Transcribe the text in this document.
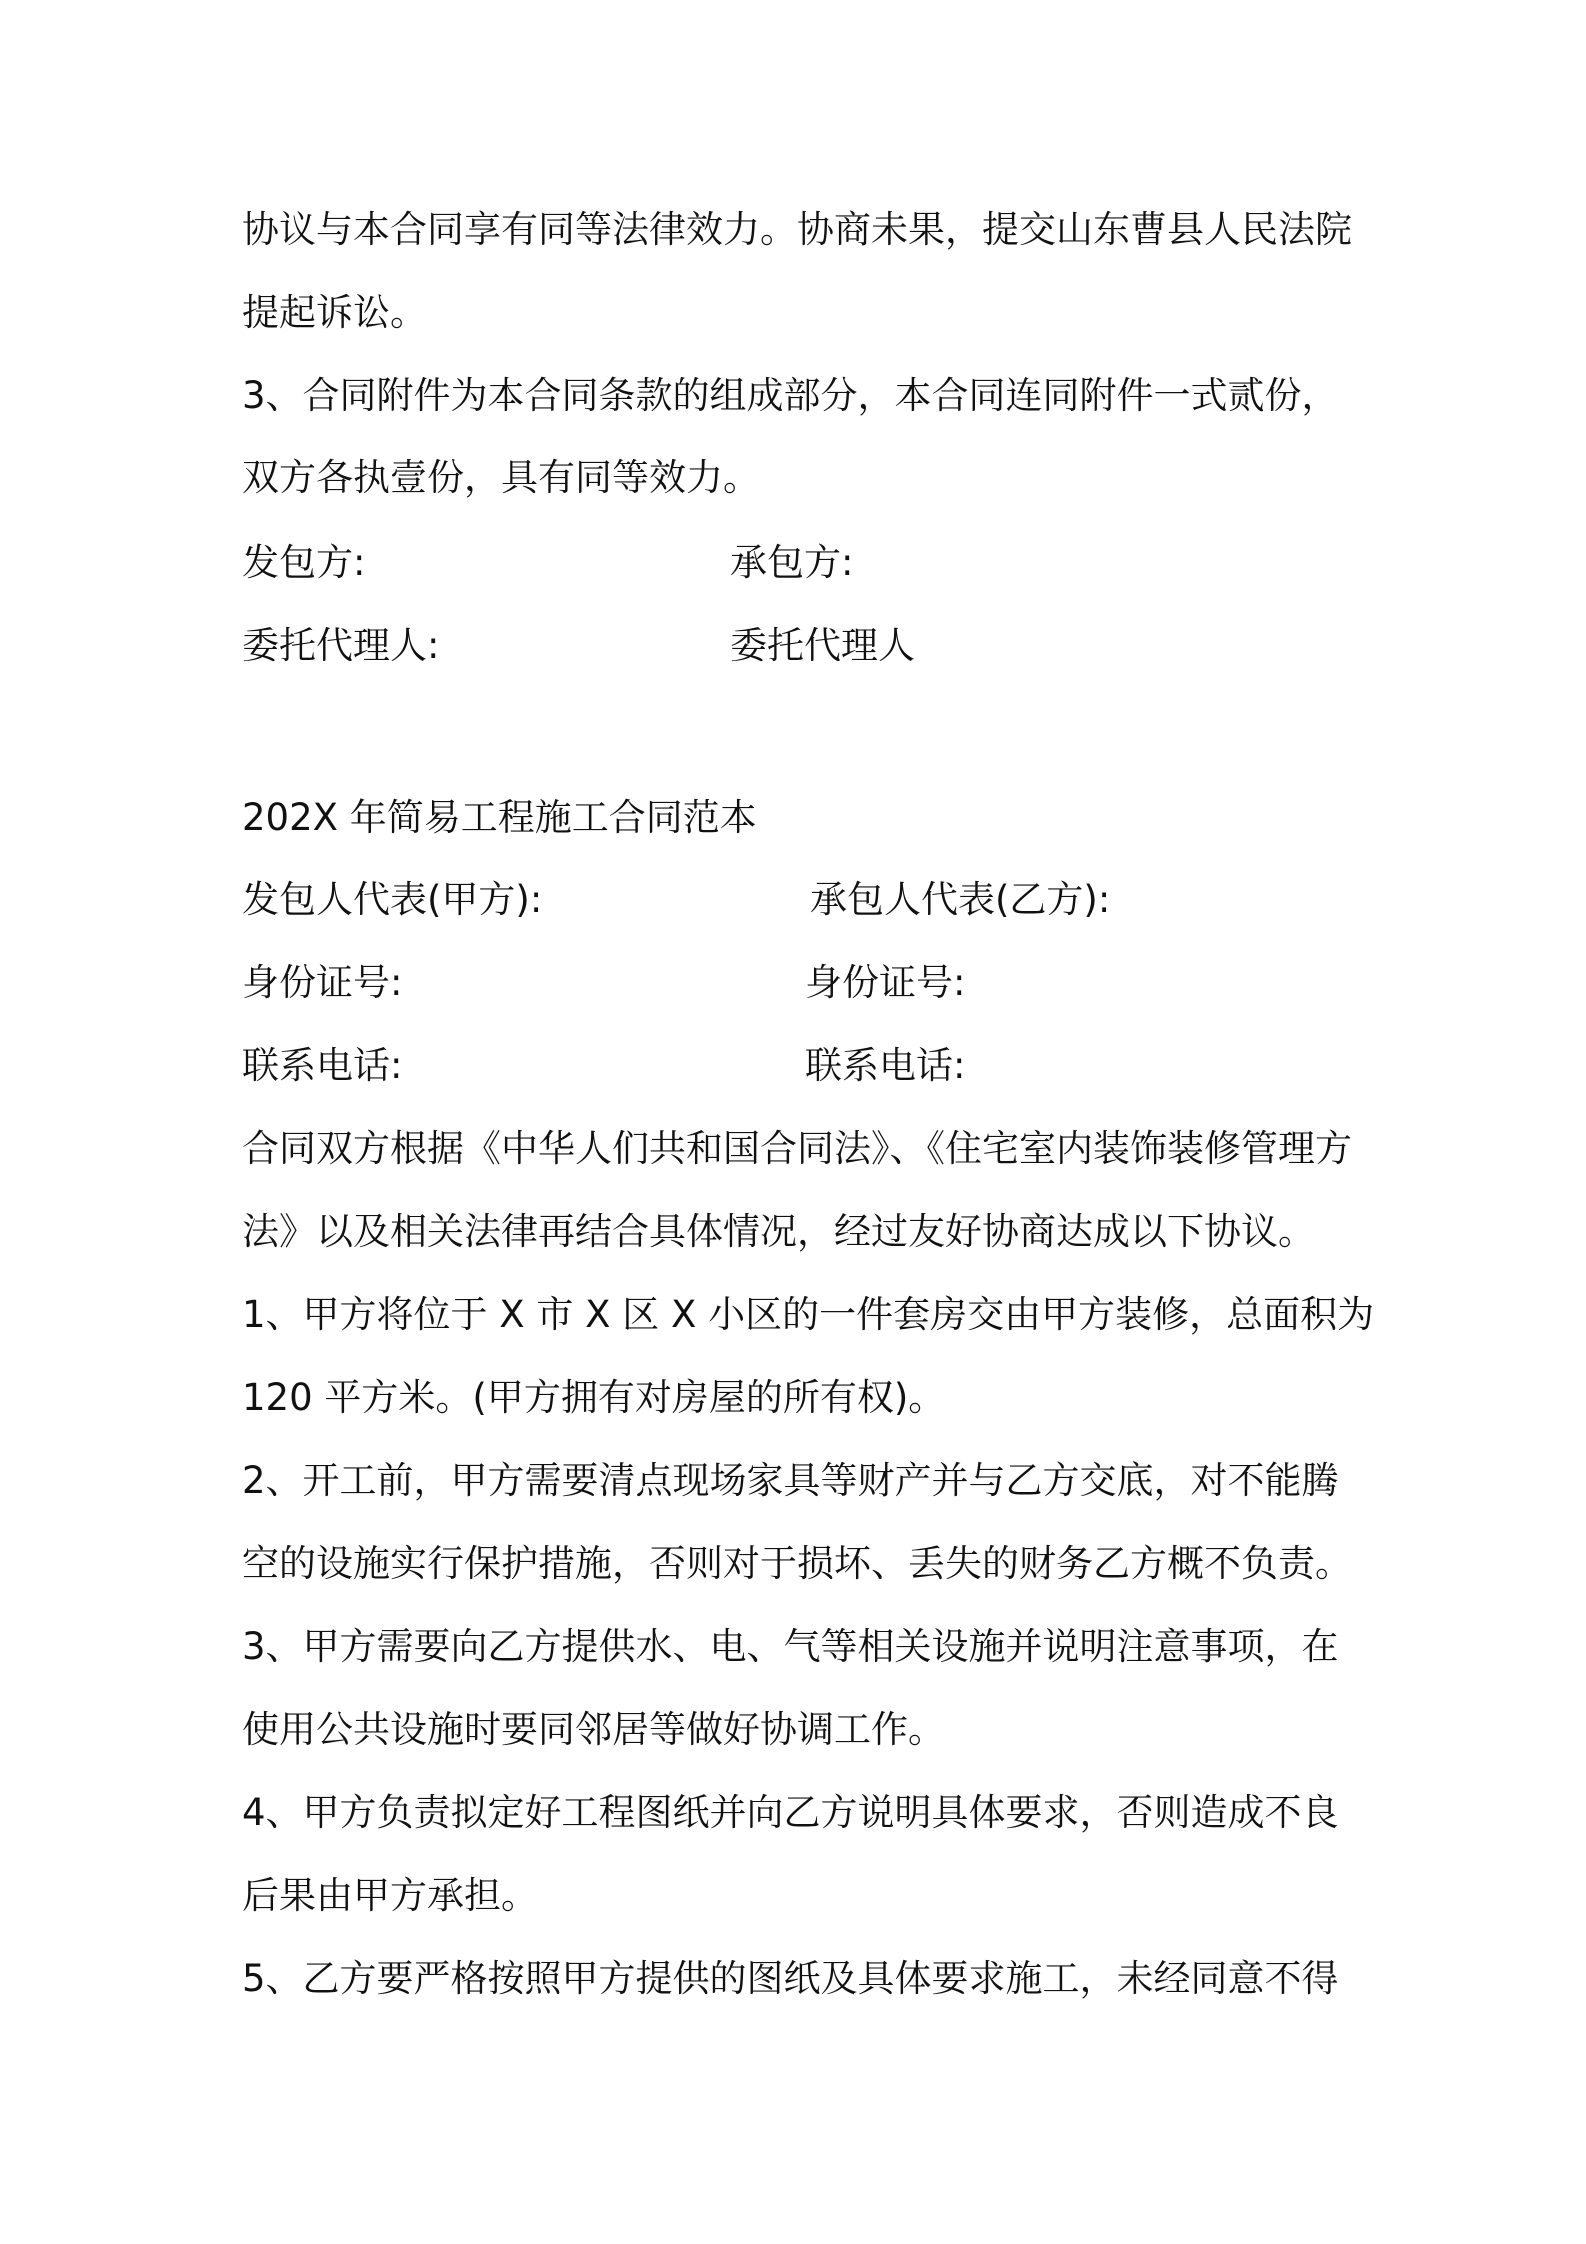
协议与本合同享有同等法律效力。协商未果，提交山东曹县人民法院
提起诉讼。
3、合同附件为本合同条款的组成部分，本合同连同附件一式贰份，
双方各执壹份，具有同等效力。
发包方:	承包方:
委托代理人:	委托代理人
202X 年简易工程施工合同范本
发包人代表(甲方):	承包人代表(乙方):
身份证号:	身份证号:
联系电话:	联系电话:
合同双方根据《中华人们共和国合同法》、《住宅室内装饰装修管理方
法》以及相关法律再结合具体情况，经过友好协商达成以下协议。
1、甲方将位于 X 市 X 区 X 小区的一件套房交由甲方装修，总面积为
120 平方米。(甲方拥有对房屋的所有权)。
2、开工前，甲方需要清点现场家具等财产并与乙方交底，对不能腾
空的设施实行保护措施，否则对于损坏、丢失的财务乙方概不负责。
3、甲方需要向乙方提供水、电、气等相关设施并说明注意事项，在
使用公共设施时要同邻居等做好协调工作。
4、甲方负责拟定好工程图纸并向乙方说明具体要求，否则造成不良
后果由甲方承担。
5、乙方要严格按照甲方提供的图纸及具体要求施工，未经同意不得
